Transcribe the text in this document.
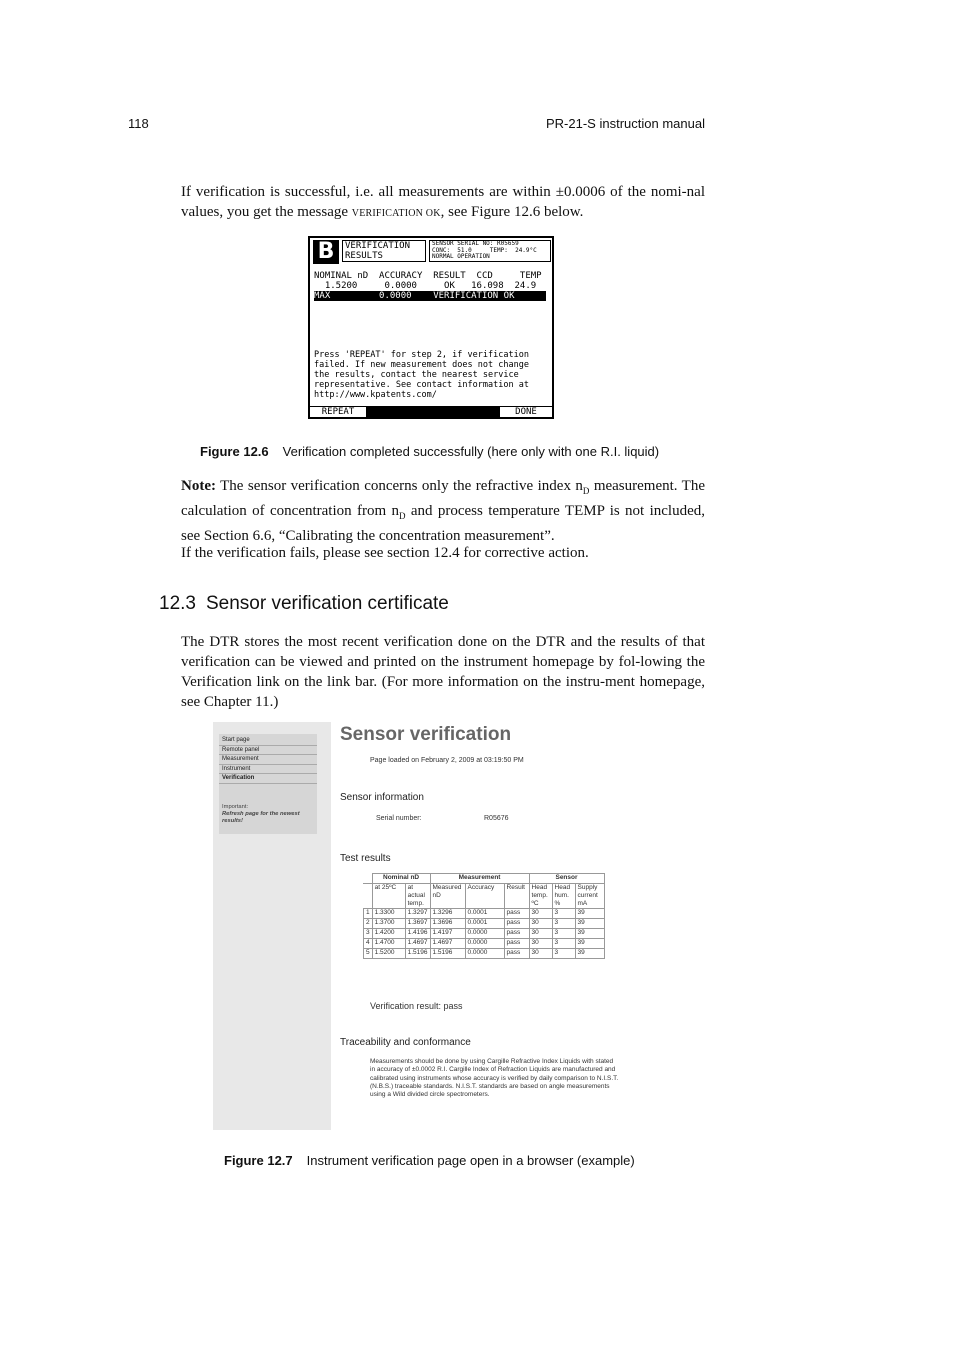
118	PR-21-S instruction manual
If verification is successful, i.e. all measurements are within ±0.0006 of the nomi-nal values, you get the message VERIFICATION OK, see Figure 12.6 below.
B	VERIFICATION
RESULTS
SENSOR SERIAL NO: R05659
CONC:  51.0     TEMP:  24.9°C
NORMAL OPERATION
NOMINAL nD  ACCURACY  RESULT  CCD     TEMP
1.5200     0.0000     OK   16.098  24.9
MAX         0.0000    VERIFICATION OK
Press 'REPEAT' for step 2, if verification
failed. If new measurement does not change
the results, contact the nearest service
representative. See contact information at
http://www.kpatents.com/
REPEAT	DONE
Figure 12.6 Verification completed successfully (here only with one R.I. liquid)
Note: The sensor verification concerns only the refractive index $n_D$ measurement. The calculation of concentration from $n_D$ and process temperature TEMP is not included, see Section 6.6, “Calibrating the concentration measurement”.
If the verification fails, please see section 12.4 for corrective action.
12.3 Sensor verification certificate
The DTR stores the most recent verification done on the DTR and the results of that verification can be viewed and printed on the instrument homepage by fol-lowing the Verification link on the link bar. (For more information on the instru-ment homepage, see Chapter 11.)
Start page
Remote panel
Measurement
Instrument
Verification
Important:
Refresh page for the newest results!
Sensor verification
Page loaded on February 2, 2009 at 03:19:50 PM
Sensor information
Serial number:	R05676
Test results
	Nominal nD		Measurement			Sensor		
	at 25ºC	at actual temp.	Measured nD	Accuracy	Result	Head temp. ºC	Head hum. %	Supply current mA
1	1.3300	1.3297	1.3296	0.0001	pass	30	3	39
2	1.3700	1.3697	1.3696	0.0001	pass	30	3	39
3	1.4200	1.4196	1.4197	0.0000	pass	30	3	39
4	1.4700	1.4697	1.4697	0.0000	pass	30	3	39
5	1.5200	1.5196	1.5196	0.0000	pass	30	3	39
Verification result: pass
Traceability and conformance
Measurements should be done by using Cargille Refractive Index Liquids with stated in accuracy of ±0.0002 R.I. Cargille Index of Refraction Liquids are manufactured and calibrated using instruments whose accuracy is verified by daily comparison to N.I.S.T. (N.B.S.) traceable standards. N.I.S.T. standards are based on angle measurements using a Wild divided circle spectrometers.
Figure 12.7 Instrument verification page open in a browser (example)
